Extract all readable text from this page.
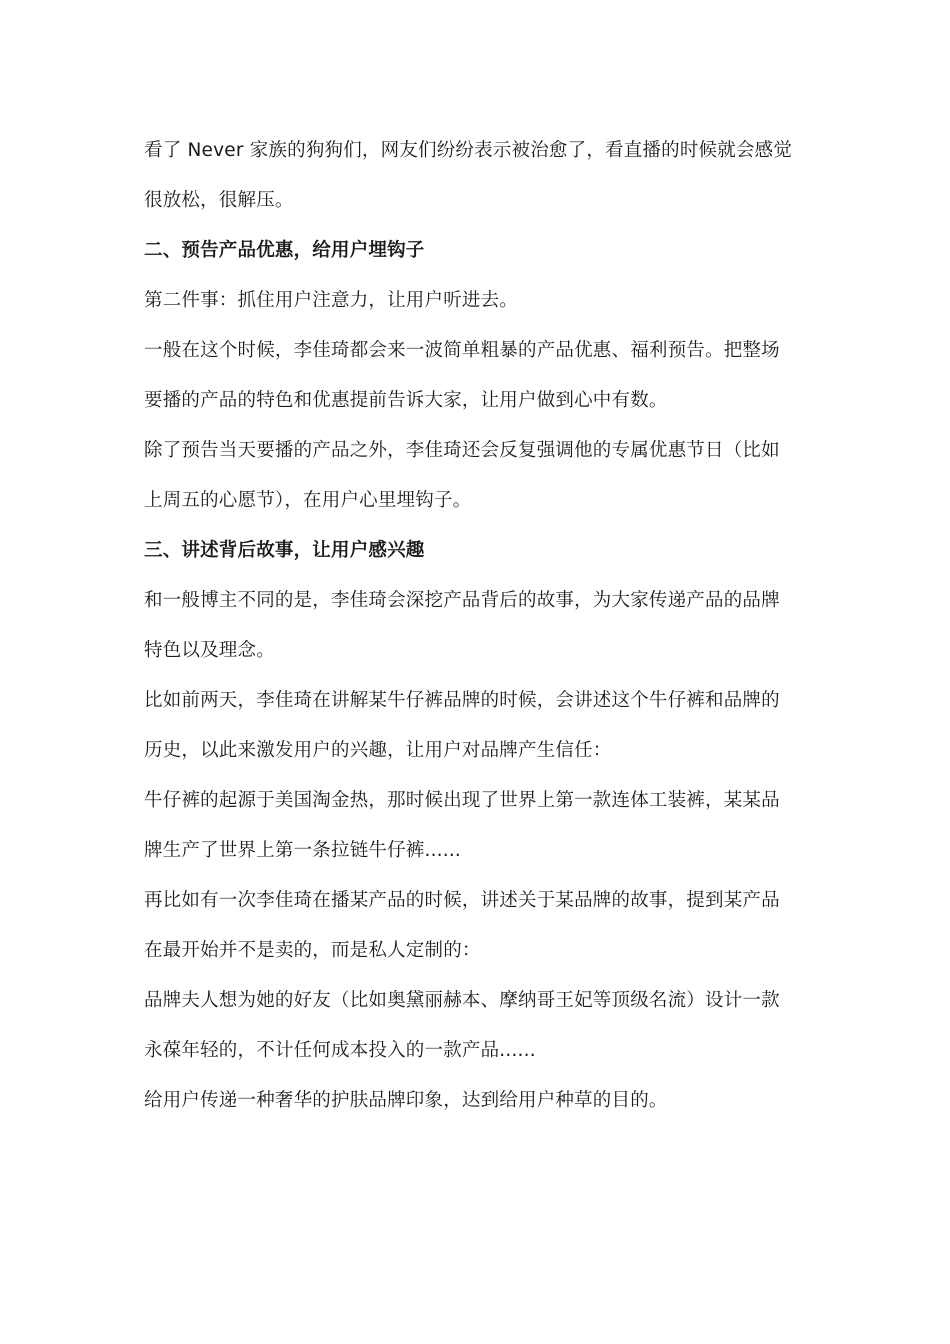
看了 Never 家族的狗狗们，网友们纷纷表示被治愈了，看直播的时候就会感觉
很放松，很解压。
二、预告产品优惠，给用户埋钩子
第二件事：抓住用户注意力，让用户听进去。
一般在这个时候，李佳琦都会来一波简单粗暴的产品优惠、福利预告。把整场
要播的产品的特色和优惠提前告诉大家，让用户做到心中有数。
除了预告当天要播的产品之外，李佳琦还会反复强调他的专属优惠节日（比如
上周五的心愿节），在用户心里埋钩子。
三、讲述背后故事，让用户感兴趣
和一般博主不同的是，李佳琦会深挖产品背后的故事，为大家传递产品的品牌
特色以及理念。
比如前两天，李佳琦在讲解某牛仔裤品牌的时候，会讲述这个牛仔裤和品牌的
历史，以此来激发用户的兴趣，让用户对品牌产生信任：
牛仔裤的起源于美国淘金热，那时候出现了世界上第一款连体工装裤，某某品
牌生产了世界上第一条拉链牛仔裤......
再比如有一次李佳琦在播某产品的时候，讲述关于某品牌的故事，提到某产品
在最开始并不是卖的，而是私人定制的：
品牌夫人想为她的好友（比如奥黛丽赫本、摩纳哥王妃等顶级名流）设计一款
永葆年轻的，不计任何成本投入的一款产品......
给用户传递一种奢华的护肤品牌印象，达到给用户种草的目的。
